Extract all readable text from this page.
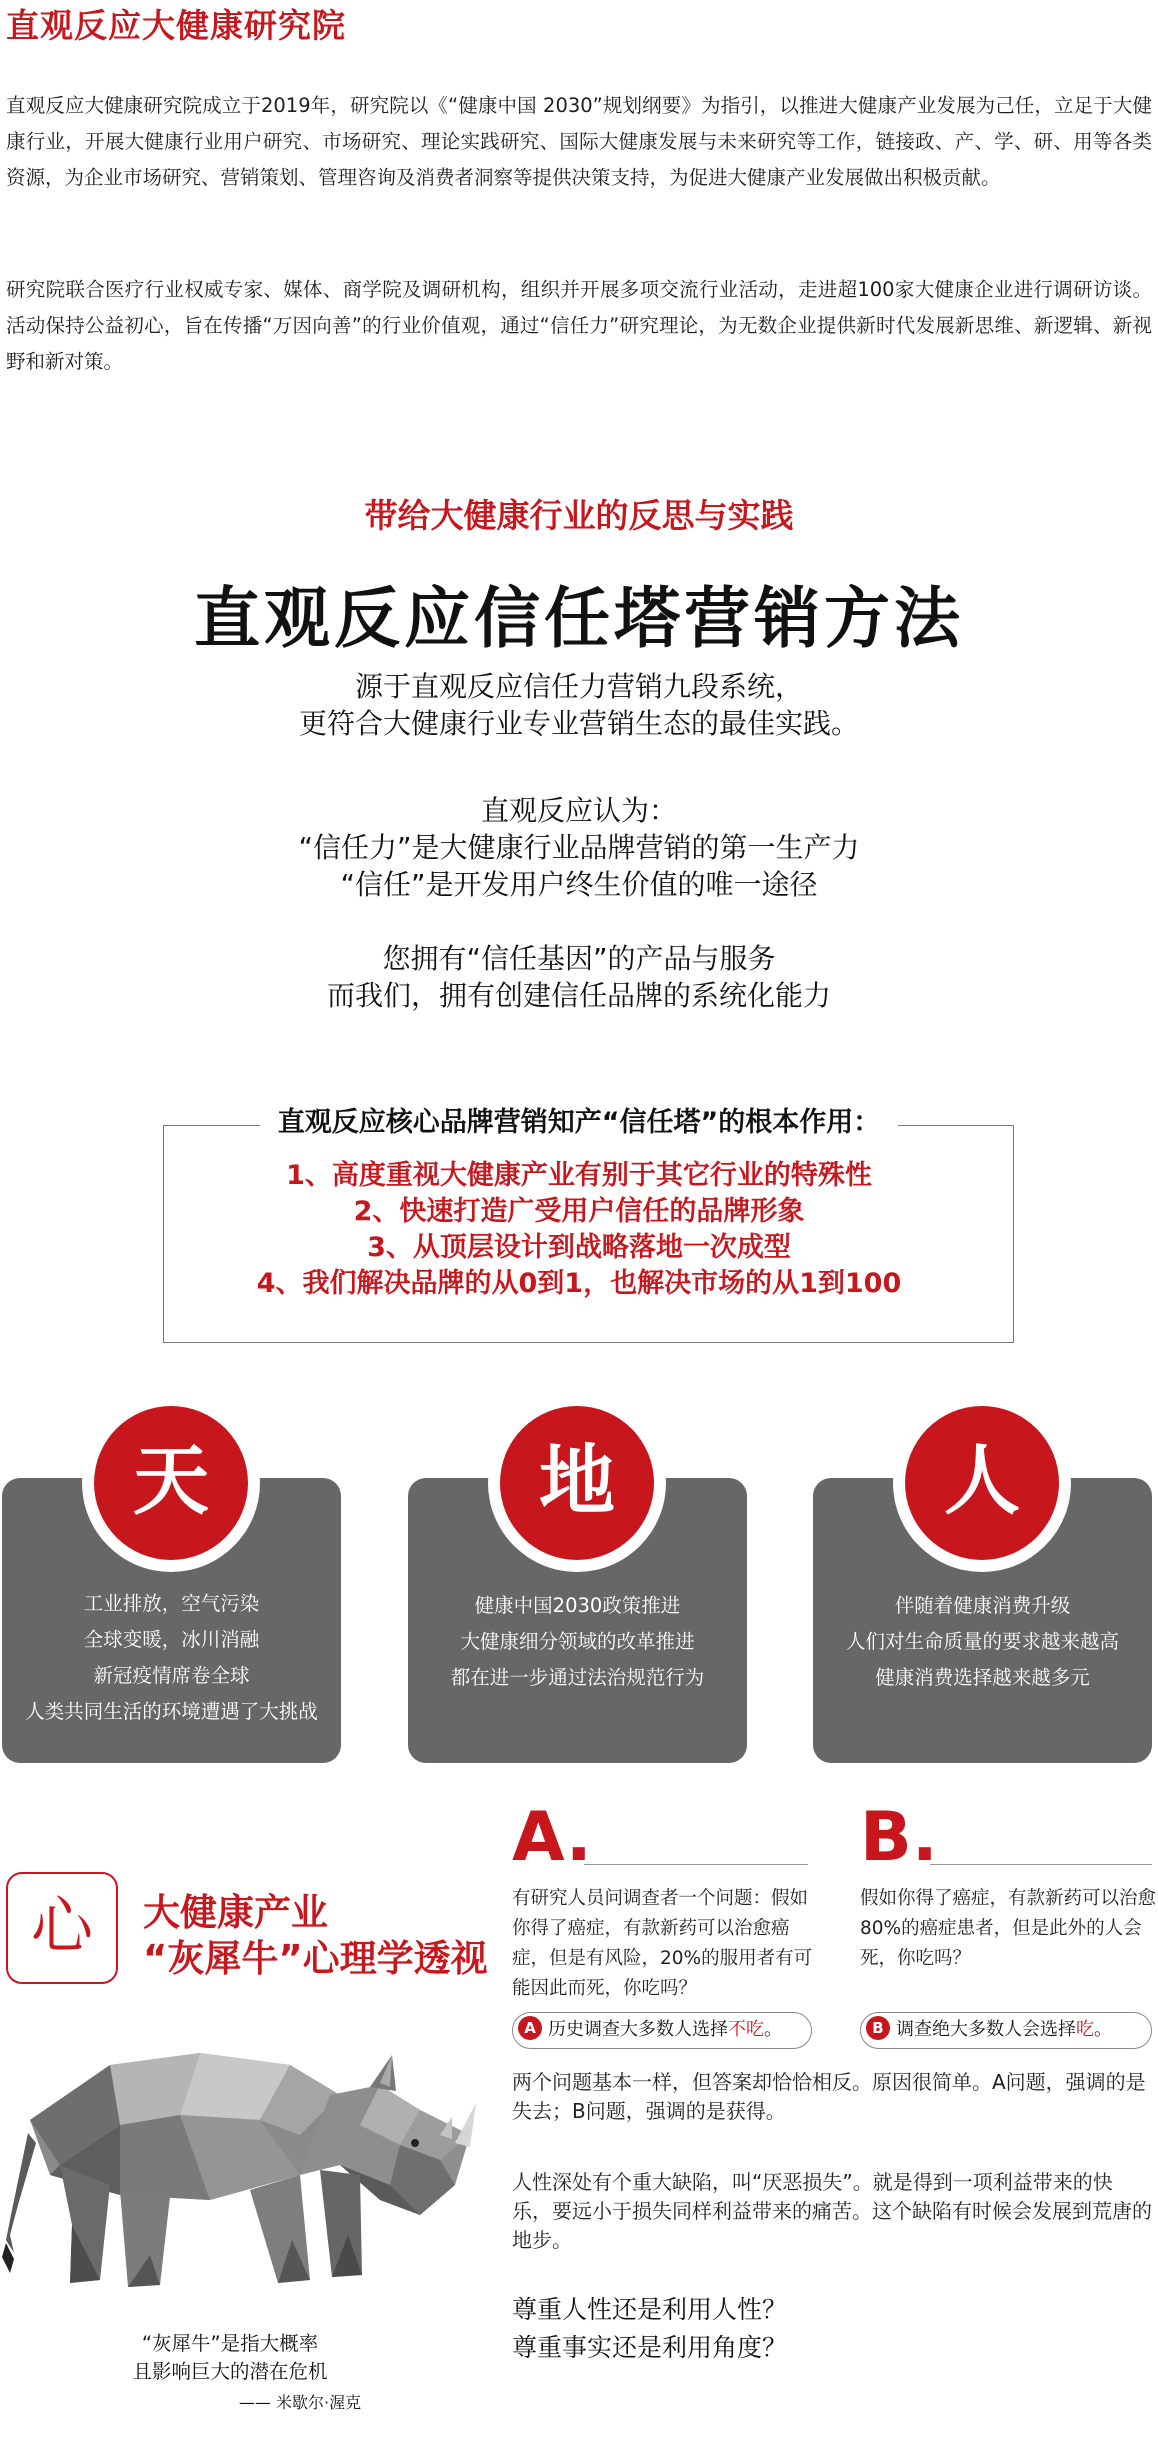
直观反应大健康研究院
直观反应大健康研究院成立于2019年，研究院以《“健康中国 2030”规划纲要》为指引，以推进大健康产业发展为己任，立足于大健康行业，开展大健康行业用户研究、市场研究、理论实践研究、国际大健康发展与未来研究等工作，链接政、产、学、研、用等各类资源，为企业市场研究、营销策划、管理咨询及消费者洞察等提供决策支持，为促进大健康产业发展做出积极贡献。
研究院联合医疗行业权威专家、媒体、商学院及调研机构，组织并开展多项交流行业活动，走进超100家大健康企业进行调研访谈。活动保持公益初心，旨在传播“万因向善”的行业价值观，通过“信任力”研究理论，为无数企业提供新时代发展新思维、新逻辑、新视野和新对策。
带给大健康行业的反思与实践
直观反应信任塔营销方法
源于直观反应信任力营销九段系统，
更符合大健康行业专业营销生态的最佳实践。
直观反应认为：
“信任力”是大健康行业品牌营销的第一生产力
“信任”是开发用户终生价值的唯一途径
您拥有“信任基因”的产品与服务
而我们，拥有创建信任品牌的系统化能力
直观反应核心品牌营销知产“信任塔”的根本作用：
1、高度重视大健康产业有别于其它行业的特殊性
2、快速打造广受用户信任的品牌形象
3、从顶层设计到战略落地一次成型
4、我们解决品牌的从0到1，也解决市场的从1到100
工业排放，空气污染
全球变暖，冰川消融
新冠疫情席卷全球
人类共同生活的环境遭遇了大挑战
健康中国2030政策推进
大健康细分领域的改革推进
都在进一步通过法治规范行为
伴随着健康消费升级
人们对生命质量的要求越来越高
健康消费选择越来越多元
天	地	人
心	大健康产业
“灰犀牛”心理学透视
“灰犀牛”是指大概率
且影响巨大的潜在危机
—— 米歇尔·渥克
A.
有研究人员问调查者一个问题：假如你得了癌症，有款新药可以治愈癌症，但是有风险，20%的服用者有可能因此而死，你吃吗？
A 历史调查大多数人选择不吃。
B.
假如你得了癌症，有款新药可以治愈80%的癌症患者，但是此外的人会死，你吃吗？
B 调查绝大多数人会选择吃。
两个问题基本一样，但答案却恰恰相反。原因很简单。A问题，强调的是失去；B问题，强调的是获得。
人性深处有个重大缺陷，叫“厌恶损失”。就是得到一项利益带来的快乐，要远小于损失同样利益带来的痛苦。这个缺陷有时候会发展到荒唐的地步。
尊重人性还是利用人性？
尊重事实还是利用角度？
